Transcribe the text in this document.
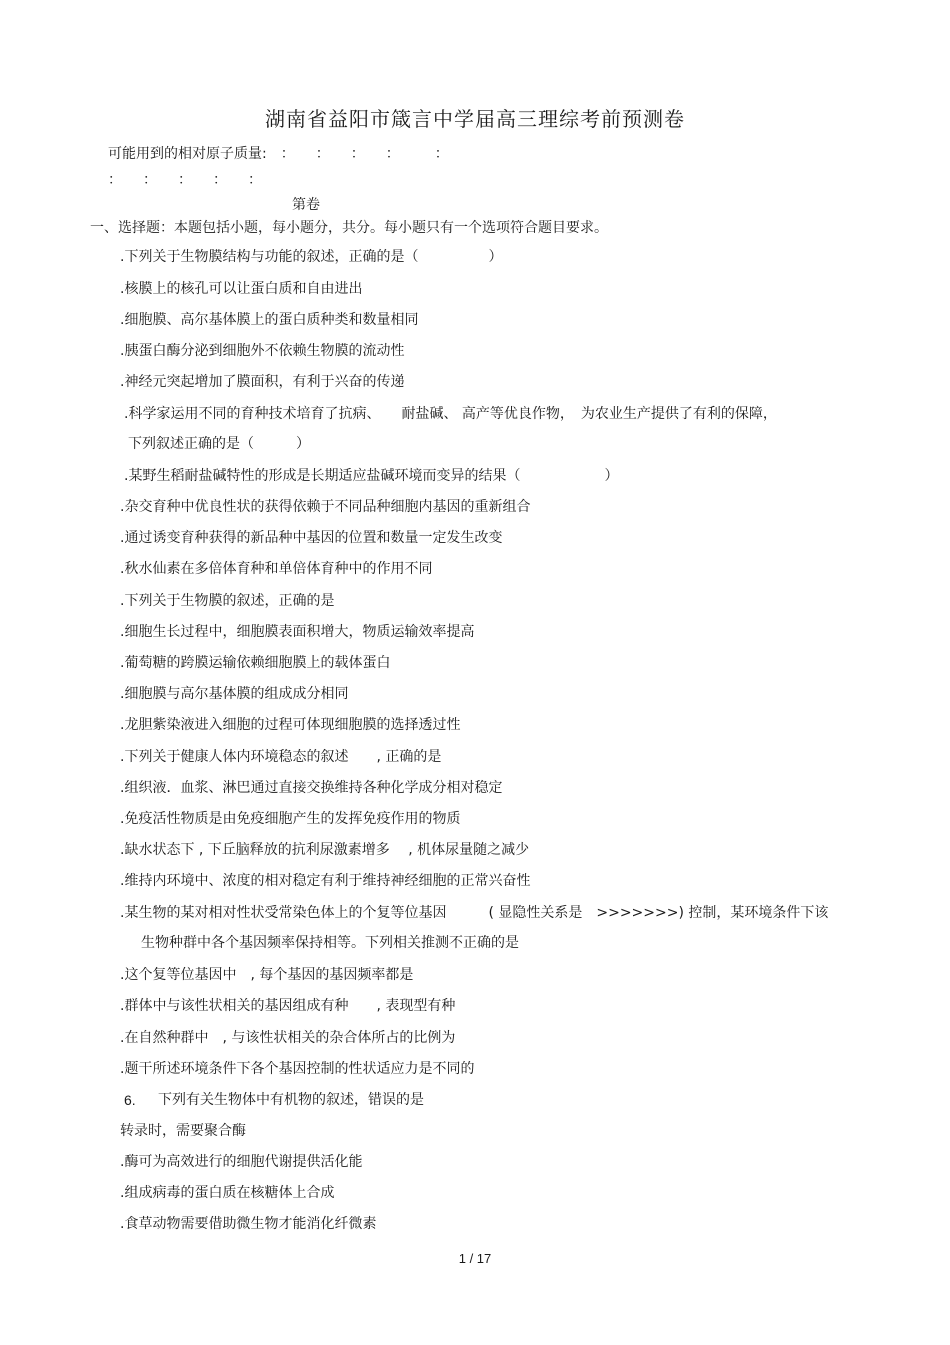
湖南省益阳市箴言中学届高三理综考前预测卷
可能用到的相对原子质量:　：　　：　　：　　：　　　：
：　　：　　：　　：　　：
第卷
一、选择题：本题包括小题，每小题分，共分。每小题只有一个选项符合题目要求。
.下列关于生物膜结构与功能的叙述，正确的是（　　　　　）
.核膜上的核孔可以让蛋白质和自由进出
.细胞膜、高尔基体膜上的蛋白质种类和数量相同
.胰蛋白酶分泌到细胞外不依赖生物膜的流动性
.神经元突起增加了膜面积，有利于兴奋的传递
.科学家运用不同的育种技术培育了抗病、　　耐盐碱、 高产等优良作物，　为农业生产提供了有利的保障，
下列叙述正确的是（　　　）
.某野生稻耐盐碱特性的形成是长期适应盐碱环境而变异的结果（　　　　　　）
.杂交育种中优良性状的获得依赖于不同品种细胞内基因的重新组合
.通过诱变育种获得的新品种中基因的位置和数量一定发生改变
.秋水仙素在多倍体育种和单倍体育种中的作用不同
.下列关于生物膜的叙述，正确的是
.细胞生长过程中，细胞膜表面积增大，物质运输效率提高
.葡萄糖的跨膜运输依赖细胞膜上的载体蛋白
.细胞膜与高尔基体膜的组成成分相同
.龙胆紫染液进入细胞的过程可体现细胞膜的选择透过性
.下列关于健康人体内环境稳态的叙述　　, 正确的是
.组织液．血浆、淋巴通过直接交换维持各种化学成分相对稳定
.免疫活性物质是由免疫细胞产生的发挥免疫作用的物质
.缺水状态下 , 下丘脑释放的抗利尿激素增多　 , 机体尿量随之减少
.维持内环境中、浓度的相对稳定有利于维持神经细胞的正常兴奋性
.某生物的某对相对性状受常染色体上的个复等位基因　　　( 显隐性关系是　>>>>>>>) 控制，某环境条件下该
生物种群中各个基因频率保持相等。下列相关推测不正确的是
.这个复等位基因中　, 每个基因的基因频率都是
.群体中与该性状相关的基因组成有种　　, 表现型有种
.在自然种群中　, 与该性状相关的杂合体所占的比例为
.题干所述环境条件下各个基因控制的性状适应力是不同的
6. 下列有关生物体中有机物的叙述，错误的是
转录时，需要聚合酶
.酶可为高效进行的细胞代谢提供活化能
.组成病毒的蛋白质在核糖体上合成
.食草动物需要借助微生物才能消化纤微素
1 / 17
